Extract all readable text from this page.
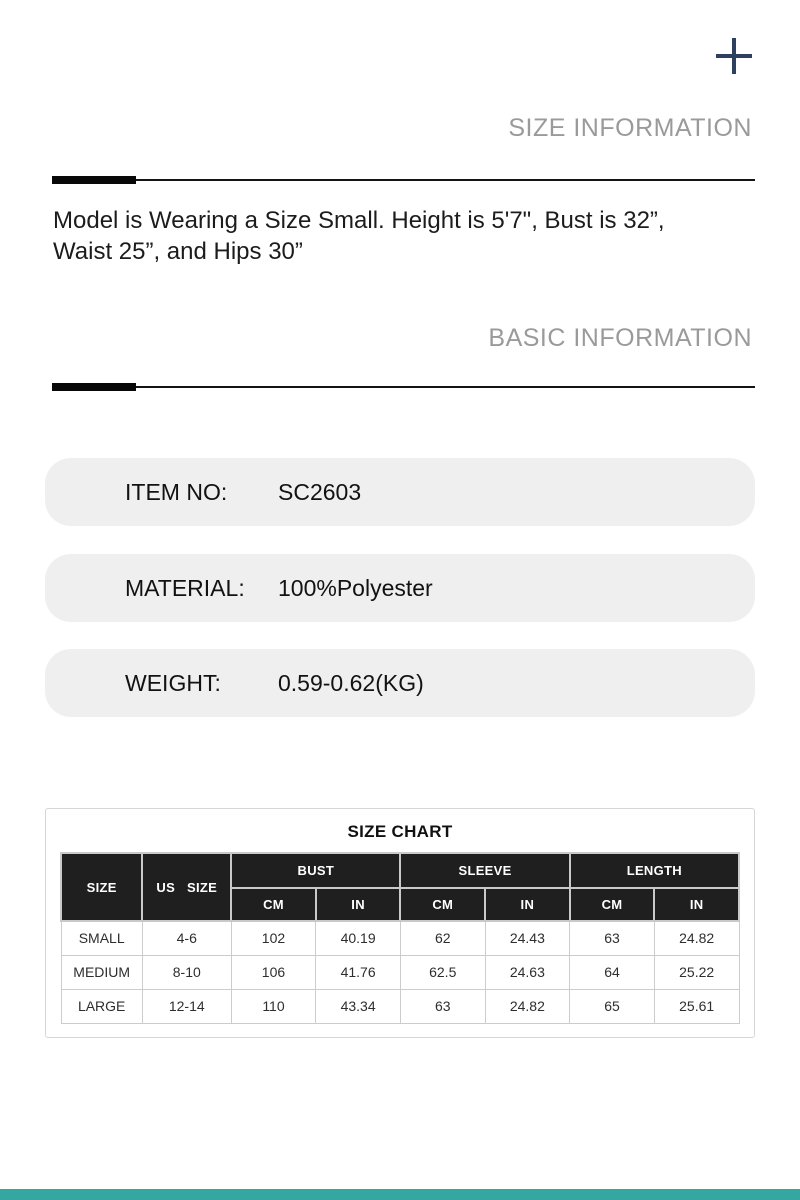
SIZE INFORMATION
Model is Wearing a Size Small. Height is 5'7", Bust is 32”, Waist 25”, and Hips 30”
BASIC INFORMATION
ITEM NO:	SC2603
MATERIAL:	100%Polyester
WEIGHT:	0.59-0.62(KG)
SIZE CHART
SIZE	US SIZE	BUST		SLEEVE		LENGTH	
		CM	IN	CM	IN	CM	IN
SMALL	4-6	102	40.19	62	24.43	63	24.82
MEDIUM	8-10	106	41.76	62.5	24.63	64	25.22
LARGE	12-14	110	43.34	63	24.82	65	25.61
